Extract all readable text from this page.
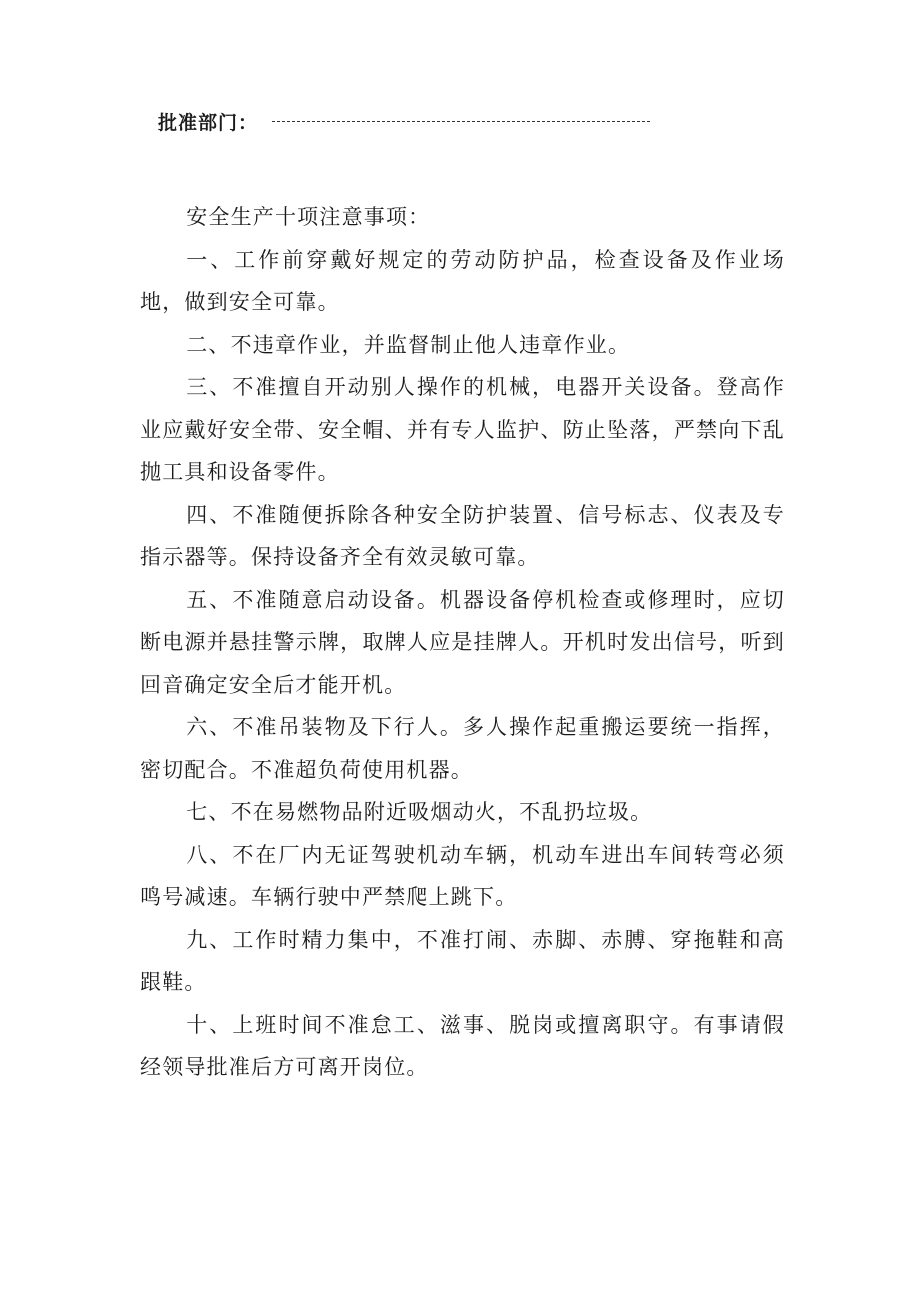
批准部门：

安全生产十项注意事项：

一、工作前穿戴好规定的劳动防护品，检查设备及作业场地，做到安全可靠。

二、不违章作业，并监督制止他人违章作业。

三、不准擅自开动别人操作的机械，电器开关设备。登高作业应戴好安全带、安全帽、并有专人监护、防止坠落，严禁向下乱抛工具和设备零件。

四、不准随便拆除各种安全防护装置、信号标志、仪表及专指示器等。保持设备齐全有效灵敏可靠。

五、不准随意启动设备。机器设备停机检查或修理时，应切断电源并悬挂警示牌，取牌人应是挂牌人。开机时发出信号，听到回音确定安全后才能开机。

六、不准吊装物及下行人。多人操作起重搬运要统一指挥，密切配合。不准超负荷使用机器。

七、不在易燃物品附近吸烟动火，不乱扔垃圾。

八、不在厂内无证驾驶机动车辆，机动车进出车间转弯必须鸣号减速。车辆行驶中严禁爬上跳下。

九、工作时精力集中，不准打闹、赤脚、赤膊、穿拖鞋和高跟鞋。

十、上班时间不准怠工、滋事、脱岗或擅离职守。有事请假经领导批准后方可离开岗位。
